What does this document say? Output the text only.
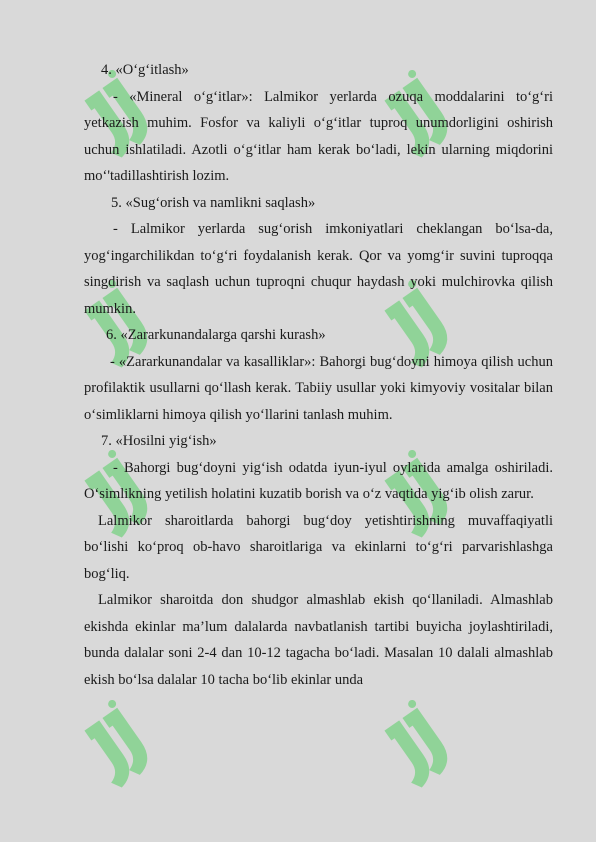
4. «O‘g‘itlash»

- «Mineral o‘g‘itlar»: Lalmikor yerlarda ozuqa moddalarini to‘g‘ri yetkazish muhim. Fosfor va kaliyli o‘g‘itlar tuproq unumdorligini oshirish uchun ishlatiladi. Azotli o‘g‘itlar ham kerak bo‘ladi, lekin ularning miqdorini mo‘'tadillashtirish lozim.

5. «Sug‘orish va namlikni saqlash»

- Lalmikor yerlarda sug‘orish imkoniyatlari cheklangan bo‘lsa-da, yog‘ingarchilikdan to‘g‘ri foydalanish kerak. Qor va yomg‘ir suvini tuproqqa singdirish va saqlash uchun tuproqni chuqur haydash yoki mulchirovka qilish mumkin.

6. «Zararkunandalarga qarshi kurash»

- «Zararkunandalar va kasalliklar»: Bahorgi bug‘doyni himoya qilish uchun profilaktik usullarni qo‘llash kerak. Tabiiy usullar yoki kimyoviy vositalar bilan o‘simliklarni himoya qilish yo‘llarini tanlash muhim.

7. «Hosilni yig‘ish»

- Bahorgi bug‘doyni yig‘ish odatda iyun-iyul oylarida amalga oshiriladi. O‘simlikning yetilish holatini kuzatib borish va o‘z vaqtida yig‘ib olish zarur.

Lalmikor sharoitlarda bahorgi bug‘doy yetishtirishning muvaffaqiyatli bo‘lishi ko‘proq ob-havo sharoitlariga va ekinlarni to‘g‘ri parvarishlashga bog‘liq.

Lalmikor sharoitda don shudgor almashlab ekish qo‘llaniladi. Almashlab ekishda ekinlar ma’lum dalalarda navbatlanish tartibi buyicha joylashtiriladi, bunda dalalar soni 2-4 dan 10-12 tagacha bo‘ladi. Masalan 10 dalali almashlab ekish bo‘lsa dalalar 10 tacha bo‘lib ekinlar unda
